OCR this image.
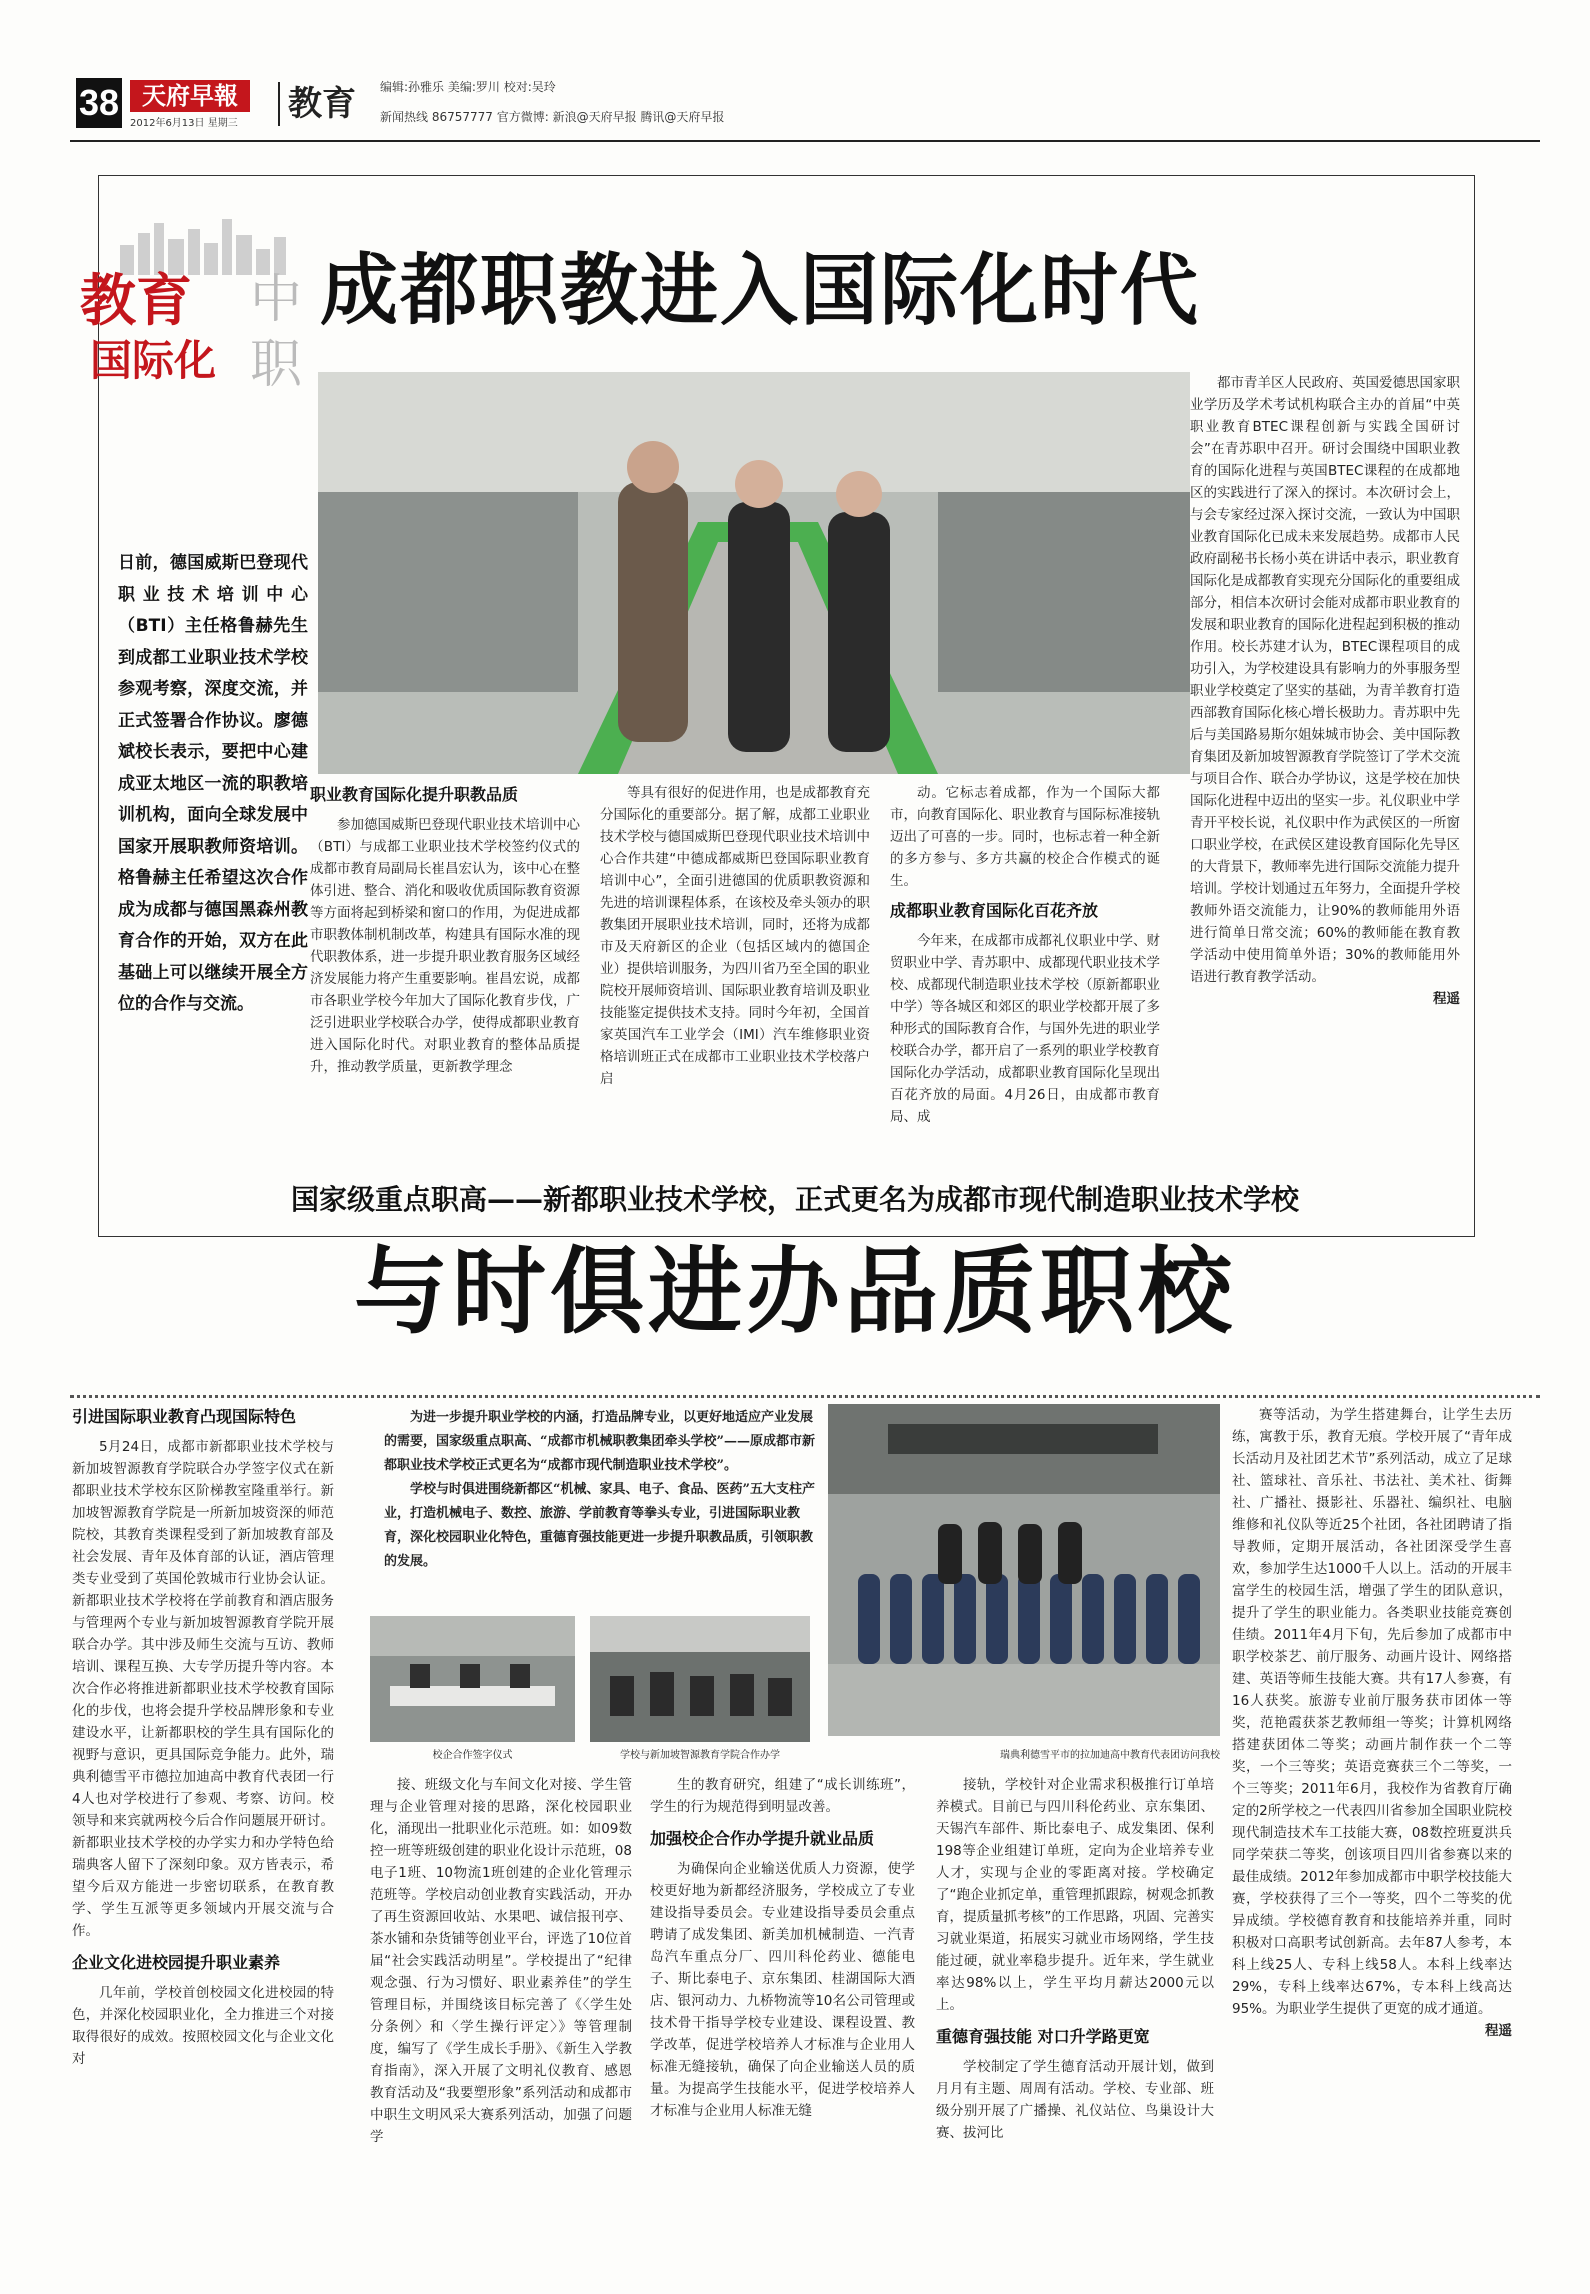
38 天府早報
2012年6月13日 星期三	教育 编辑:孙雅乐 美编:罗川 校对:吴玲
新闻热线 86757777 官方微博: 新浪@天府早报 腾讯@天府早报
教育
国际化
中
职
成都职教进入国际化时代
日前，德国威斯巴登现代职业技术培训中心（BTI）主任格鲁赫先生到成都工业职业技术学校参观考察，深度交流，并正式签署合作协议。廖德斌校长表示，要把中心建成亚太地区一流的职教培训机构，面向全球发展中国家开展职教师资培训。格鲁赫主任希望这次合作成为成都与德国黑森州教育合作的开始，双方在此基础上可以继续开展全方位的合作与交流。
职业教育国际化提升职教品质

参加德国威斯巴登现代职业技术培训中心（BTI）与成都工业职业技术学校签约仪式的成都市教育局副局长崔昌宏认为，该中心在整体引进、整合、消化和吸收优质国际教育资源等方面将起到桥梁和窗口的作用，为促进成都市职教体制机制改革，构建具有国际水准的现代职教体系，进一步提升职业教育服务区域经济发展能力将产生重要影响。崔昌宏说，成都市各职业学校今年加大了国际化教育步伐，广泛引进职业学校联合办学，使得成都职业教育进入国际化时代。对职业教育的整体品质提升，推动教学质量，更新教学理念

等具有很好的促进作用，也是成都教育充分国际化的重要部分。据了解，成都工业职业技术学校与德国威斯巴登现代职业技术培训中心合作共建“中德成都威斯巴登国际职业教育培训中心”，全面引进德国的优质职教资源和先进的培训课程体系，在该校及牵头领办的职教集团开展职业技术培训，同时，还将为成都市及天府新区的企业（包括区域内的德国企业）提供培训服务，为四川省乃至全国的职业院校开展师资培训、国际职业教育培训及职业技能鉴定提供技术支持。同时今年初，全国首家英国汽车工业学会（IMI）汽车维修职业资格培训班正式在成都市工业职业技术学校落户启

动。它标志着成都，作为一个国际大都市，向教育国际化、职业教育与国际标准接轨迈出了可喜的一步。同时，也标志着一种全新的多方参与、多方共赢的校企合作模式的诞生。

成都职业教育国际化百花齐放

今年来，在成都市成都礼仪职业中学、财贸职业中学、青苏职中、成都现代职业技术学校、成都现代制造职业技术学校（原新都职业中学）等各城区和郊区的职业学校都开展了多种形式的国际教育合作，与国外先进的职业学校联合办学，都开启了一系列的职业学校教育国际化办学活动，成都职业教育国际化呈现出百花齐放的局面。4月26日，由成都市教育局、成

都市青羊区人民政府、英国爱德思国家职业学历及学术考试机构联合主办的首届“中英职业教育BTEC课程创新与实践全国研讨会”在青苏职中召开。研讨会围绕中国职业教育的国际化进程与英国BTEC课程的在成都地区的实践进行了深入的探讨。本次研讨会上，与会专家经过深入探讨交流，一致认为中国职业教育国际化已成未来发展趋势。成都市人民政府副秘书长杨小英在讲话中表示，职业教育国际化是成都教育实现充分国际化的重要组成部分，相信本次研讨会能对成都市职业教育的发展和职业教育的国际化进程起到积极的推动作用。校长苏建才认为，BTEC课程项目的成功引入，为学校建设具有影响力的外事服务型职业学校奠定了坚实的基础，为青羊教育打造西部教育国际化核心增长极助力。青苏职中先后与美国路易斯尔姐妹城市协会、美中国际教育集团及新加坡智源教育学院签订了学术交流与项目合作、联合办学协议，这是学校在加快国际化进程中迈出的坚实一步。礼仪职业中学青开平校长说，礼仪职中作为武侯区的一所窗口职业学校，在武侯区建设教育国际化先导区的大背景下，教师率先进行国际交流能力提升培训。学校计划通过五年努力，全面提升学校教师外语交流能力，让90%的教师能用外语进行简单日常交流；60%的教师能在教育教学活动中使用简单外语；30%的教师能用外语进行教育教学活动。

程遥
国家级重点职高——新都职业技术学校，正式更名为成都市现代制造职业技术学校
与时俱进办品质职校
引进国际职业教育凸现国际特色

5月24日，成都市新都职业技术学校与新加坡智源教育学院联合办学签字仪式在新都职业技术学校东区阶梯教室隆重举行。新加坡智源教育学院是一所新加坡资深的师范院校，其教育类课程受到了新加坡教育部及社会发展、青年及体育部的认证，酒店管理类专业受到了英国伦敦城市行业协会认证。新都职业技术学校将在学前教育和酒店服务与管理两个专业与新加坡智源教育学院开展联合办学。其中涉及师生交流与互访、教师培训、课程互换、大专学历提升等内容。本次合作必将推进新都职业技术学校教育国际化的步伐，也将会提升学校品牌形象和专业建设水平，让新都职校的学生具有国际化的视野与意识，更具国际竞争能力。此外，瑞典利德雪平市德拉加迪高中教育代表团一行4人也对学校进行了参观、考察、访问。校领导和来宾就两校今后合作问题展开研讨。新都职业技术学校的办学实力和办学特色给瑞典客人留下了深刻印象。双方皆表示，希望今后双方能进一步密切联系，在教育教学、学生互派等更多领域内开展交流与合作。

企业文化进校园提升职业素养

几年前，学校首创校园文化进校园的特色，并深化校园职业化，全力推进三个对接取得很好的成效。按照校园文化与企业文化对

为进一步提升职业学校的内涵，打造品牌专业，以更好地适应产业发展的需要，国家级重点职高、“成都市机械职教集团牵头学校”——原成都市新都职业技术学校正式更名为“成都市现代制造职业技术学校”。

学校与时俱进围绕新都区“机械、家具、电子、食品、医药”五大支柱产业，打造机械电子、数控、旅游、学前教育等拳头专业，引进国际职业教育，深化校园职业化特色，重德育强技能更进一步提升职教品质，引领职教的发展。

校企合作签字仪式	学校与新加坡智源教育学院合作办学	瑞典利德雪平市的拉加迪高中教育代表团访问我校

接、班级文化与车间文化对接、学生管理与企业管理对接的思路，深化校园职业化，涌现出一批职业化示范班。如：如09数控一班等班级创建的职业化设计示范班，08电子1班、10物流1班创建的企业化管理示范班等。学校启动创业教育实践活动，开办了再生资源回收站、水果吧、诚信报刊亭、茶水铺和杂货铺等创业平台，评选了10位首届“社会实践活动明星”。学校提出了“纪律观念强、行为习惯好、职业素养佳”的学生管理目标，并围绕该目标完善了《〈学生处分条例〉和〈学生操行评定〉》等管理制度，编写了《学生成长手册》、《新生入学教育指南》，深入开展了文明礼仪教育、感恩教育活动及“我要塑形象”系列活动和成都市中职生文明风采大赛系列活动，加强了问题学

生的教育研究，组建了“成长训练班”，学生的行为规范得到明显改善。

加强校企合作办学提升就业品质

为确保向企业输送优质人力资源，使学校更好地为新都经济服务，学校成立了专业建设指导委员会。专业建设指导委员会重点聘请了成发集团、新美加机械制造、一汽青岛汽车重点分厂、四川科伦药业、德能电子、斯比泰电子、京东集团、桂湖国际大酒店、银河动力、九桥物流等10名公司管理或技术骨干指导学校专业建设、课程设置、教学改革，促进学校培养人才标准与企业用人标准无缝接轨，确保了向企业输送人员的质量。为提高学生技能水平，促进学校培养人才标准与企业用人标准无缝

接轨，学校针对企业需求积极推行订单培养模式。目前已与四川科伦药业、京东集团、天锡汽车部件、斯比泰电子、成发集团、保利198等企业组建订单班，定向为企业培养专业人才，实现与企业的零距离对接。学校确定了“跑企业抓定单，重管理抓跟踪，树观念抓教育，提质量抓考核”的工作思路，巩固、完善实习就业渠道，拓展实习就业市场网络，学生技能过硬，就业率稳步提升。近年来，学生就业率达98%以上，学生平均月薪达2000元以上。

重德育强技能 对口升学路更宽

学校制定了学生德育活动开展计划，做到月月有主题、周周有活动。学校、专业部、班级分别开展了广播操、礼仪站位、鸟巢设计大赛、拔河比

赛等活动，为学生搭建舞台，让学生去历练，寓教于乐，教育无痕。学校开展了“青年成长活动月及社团艺术节”系列活动，成立了足球社、篮球社、音乐社、书法社、美术社、街舞社、广播社、摄影社、乐器社、编织社、电脑维修和礼仪队等近25个社团，各社团聘请了指导教师，定期开展活动，各社团深受学生喜欢，参加学生达1000千人以上。活动的开展丰富学生的校园生活，增强了学生的团队意识，提升了学生的职业能力。各类职业技能竞赛创佳绩。2011年4月下旬，先后参加了成都市中职学校茶艺、前厅服务、动画片设计、网络搭建、英语等师生技能大赛。共有17人参赛，有16人获奖。旅游专业前厅服务获市团体一等奖，范艳霞获茶艺教师组一等奖；计算机网络搭建获团体二等奖；动画片制作获一个二等奖，一个三等奖；英语竞赛获三个二等奖，一个三等奖；2011年6月，我校作为省教育厅确定的2所学校之一代表四川省参加全国职业院校现代制造技术车工技能大赛，08数控班夏洪兵同学荣获二等奖，创该项目四川省参赛以来的最佳成绩。2012年参加成都市中职学校技能大赛，学校获得了三个一等奖，四个二等奖的优异成绩。学校德育教育和技能培养并重，同时积极对口高职考试创新高。去年87人参考，本科上线25人、专科上线58人。本科上线率达29%，专科上线率达67%，专本科上线高达95%。为职业学生提供了更宽的成才通道。

程遥
